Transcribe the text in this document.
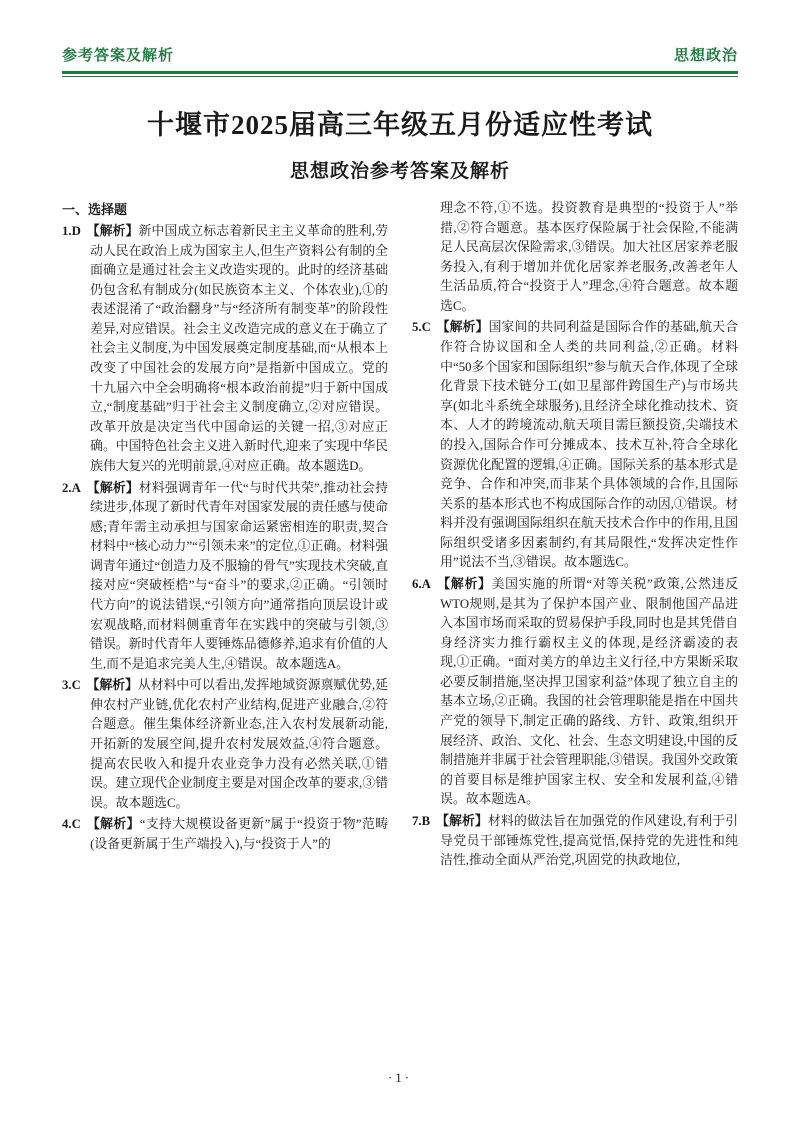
参考答案及解析	思想政治
十堰市2025届高三年级五月份适应性考试
思想政治参考答案及解析
一、选择题

1.D 【解析】新中国成立标志着新民主主义革命的胜利,劳动人民在政治上成为国家主人,但生产资料公有制的全面确立是通过社会主义改造实现的。此时的经济基础仍包含私有制成分(如民族资本主义、个体农业),①的表述混淆了“政治翻身”与“经济所有制变革”的阶段性差异,对应错误。社会主义改造完成的意义在于确立了社会主义制度,为中国发展奠定制度基础,而“从根本上改变了中国社会的发展方向”是指新中国成立。党的十九届六中全会明确将“根本政治前提”归于新中国成立,“制度基础”归于社会主义制度确立,②对应错误。改革开放是决定当代中国命运的关键一招,③对应正确。中国特色社会主义进入新时代,迎来了实现中华民族伟大复兴的光明前景,④对应正确。故本题选D。

2.A 【解析】材料强调青年一代“与时代共荣”,推动社会持续进步,体现了新时代青年对国家发展的责任感与使命感;青年需主动承担与国家命运紧密相连的职责,契合材料中“核心动力”“引领未来”的定位,①正确。材料强调青年通过“创造力及不服输的骨气”实现技术突破,直接对应“突破桎梏”与“奋斗”的要求,②正确。“引领时代方向”的说法错误,“引领方向”通常指向顶层设计或宏观战略,而材料侧重青年在实践中的突破与引领,③错误。新时代青年人要锤炼品德修养,追求有价值的人生,而不是追求完美人生,④错误。故本题选A。

3.C 【解析】从材料中可以看出,发挥地域资源禀赋优势,延伸农村产业链,优化农村产业结构,促进产业融合,②符合题意。催生集体经济新业态,注入农村发展新动能,开拓新的发展空间,提升农村发展效益,④符合题意。提高农民收入和提升农业竞争力没有必然关联,①错误。建立现代企业制度主要是对国企改革的要求,③错误。故本题选C。

4.C 【解析】“支持大规模设备更新”属于“投资于物”范畴(设备更新属于生产端投入),与“投资于人”的

理念不符,①不选。投资教育是典型的“投资于人”举措,②符合题意。基本医疗保险属于社会保险,不能满足人民高层次保险需求,③错误。加大社区居家养老服务投入,有利于增加并优化居家养老服务,改善老年人生活品质,符合“投资于人”理念,④符合题意。故本题选C。

5.C 【解析】国家间的共同利益是国际合作的基础,航天合作符合协议国和全人类的共同利益,②正确。材料中“50多个国家和国际组织”参与航天合作,体现了全球化背景下技术链分工(如卫星部件跨国生产)与市场共享(如北斗系统全球服务),且经济全球化推动技术、资本、人才的跨境流动,航天项目需巨额投资,尖端技术的投入,国际合作可分摊成本、技术互补,符合全球化资源优化配置的逻辑,④正确。国际关系的基本形式是竞争、合作和冲突,而非某个具体领域的合作,且国际关系的基本形式也不构成国际合作的动因,①错误。材料并没有强调国际组织在航天技术合作中的作用,且国际组织受诸多因素制约,有其局限性,“发挥决定性作用”说法不当,③错误。故本题选C。

6.A 【解析】美国实施的所谓“对等关税”政策,公然违反WTO规则,是其为了保护本国产业、限制他国产品进入本国市场而采取的贸易保护手段,同时也是其凭借自身经济实力推行霸权主义的体现,是经济霸凌的表现,①正确。“面对美方的单边主义行径,中方果断采取必要反制措施,坚决捍卫国家利益”体现了独立自主的基本立场,②正确。我国的社会管理职能是指在中国共产党的领导下,制定正确的路线、方针、政策,组织开展经济、政治、文化、社会、生态文明建设,中国的反制措施并非属于社会管理职能,③错误。我国外交政策的首要目标是维护国家主权、安全和发展利益,④错误。故本题选A。

7.B 【解析】材料的做法旨在加强党的作风建设,有利于引导党员干部锤炼党性,提高觉悟,保持党的先进性和纯洁性,推动全面从严治党,巩固党的执政地位,

·1·
